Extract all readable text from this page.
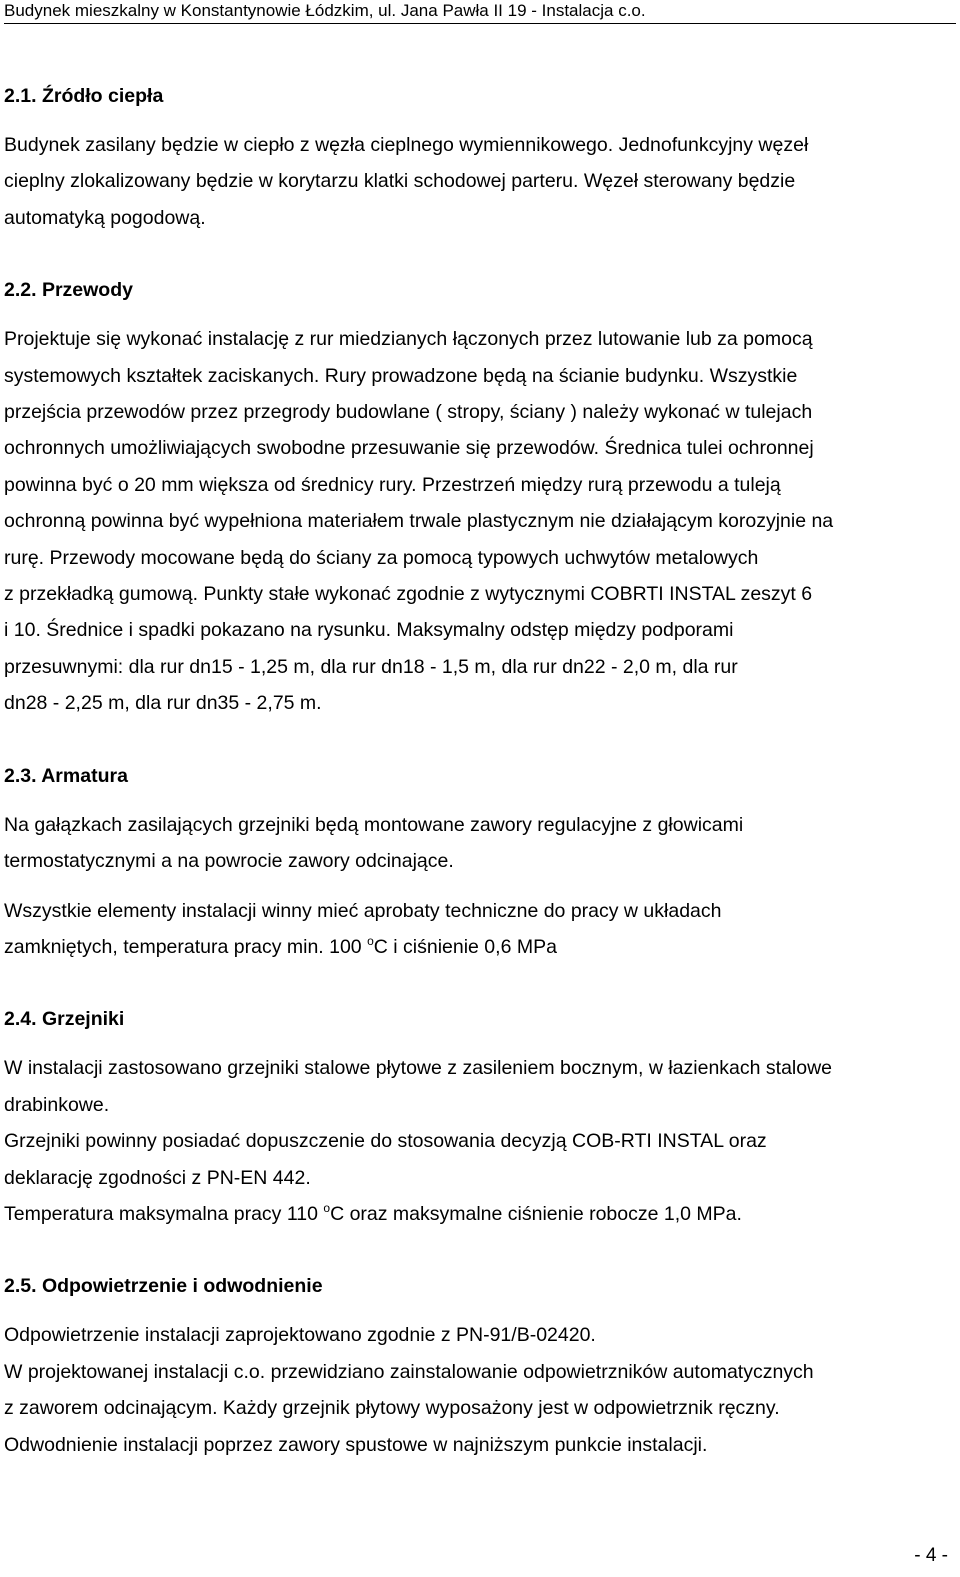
Budynek mieszkalny w Konstantynowie Łódzkim, ul. Jana Pawła II 19 - Instalacja c.o.
2.1. Źródło ciepła
Budynek zasilany będzie w ciepło z węzła cieplnego wymiennikowego. Jednofunkcyjny węzeł
cieplny zlokalizowany będzie w korytarzu klatki schodowej parteru. Węzeł sterowany będzie
automatyką pogodową.
2.2. Przewody
Projektuje się wykonać instalację z rur miedzianych łączonych przez lutowanie lub za pomocą
systemowych kształtek zaciskanych. Rury prowadzone będą na ścianie budynku. Wszystkie
przejścia przewodów przez przegrody budowlane ( stropy, ściany ) należy wykonać w tulejach
ochronnych umożliwiających swobodne przesuwanie się przewodów. Średnica tulei ochronnej
powinna być o 20 mm większa od średnicy rury. Przestrzeń między rurą przewodu a tuleją
ochronną powinna być wypełniona materiałem trwale plastycznym nie działającym korozyjnie na
rurę. Przewody mocowane będą do ściany za pomocą typowych uchwytów metalowych
z przekładką gumową. Punkty stałe wykonać zgodnie z wytycznymi COBRTI INSTAL zeszyt 6
i 10. Średnice i spadki pokazano na rysunku. Maksymalny odstęp między podporami
przesuwnymi: dla rur dn15 - 1,25 m, dla rur dn18 - 1,5 m, dla rur dn22 - 2,0 m, dla rur
dn28 - 2,25 m, dla rur dn35 - 2,75 m.
2.3. Armatura
Na gałązkach zasilających grzejniki będą montowane zawory regulacyjne z głowicami
termostatycznymi a na powrocie zawory odcinające.
Wszystkie elementy instalacji winny mieć aprobaty techniczne do pracy w układach
zamkniętych, temperatura pracy min. 100 $^o$C i ciśnienie 0,6 MPa
2.4. Grzejniki
W instalacji zastosowano grzejniki stalowe płytowe z zasileniem bocznym, w łazienkach stalowe
drabinkowe.
Grzejniki powinny posiadać dopuszczenie do stosowania decyzją COB-RTI INSTAL oraz
deklarację zgodności z PN-EN 442.
Temperatura maksymalna pracy 110 $^o$C oraz maksymalne ciśnienie robocze 1,0 MPa.
2.5. Odpowietrzenie i odwodnienie
Odpowietrzenie instalacji zaprojektowano zgodnie z PN-91/B-02420.
W projektowanej instalacji c.o. przewidziano zainstalowanie odpowietrzników automatycznych
z zaworem odcinającym. Każdy grzejnik płytowy wyposażony jest w odpowietrznik ręczny.
Odwodnienie instalacji poprzez zawory spustowe w najniższym punkcie instalacji.
- 4 -
